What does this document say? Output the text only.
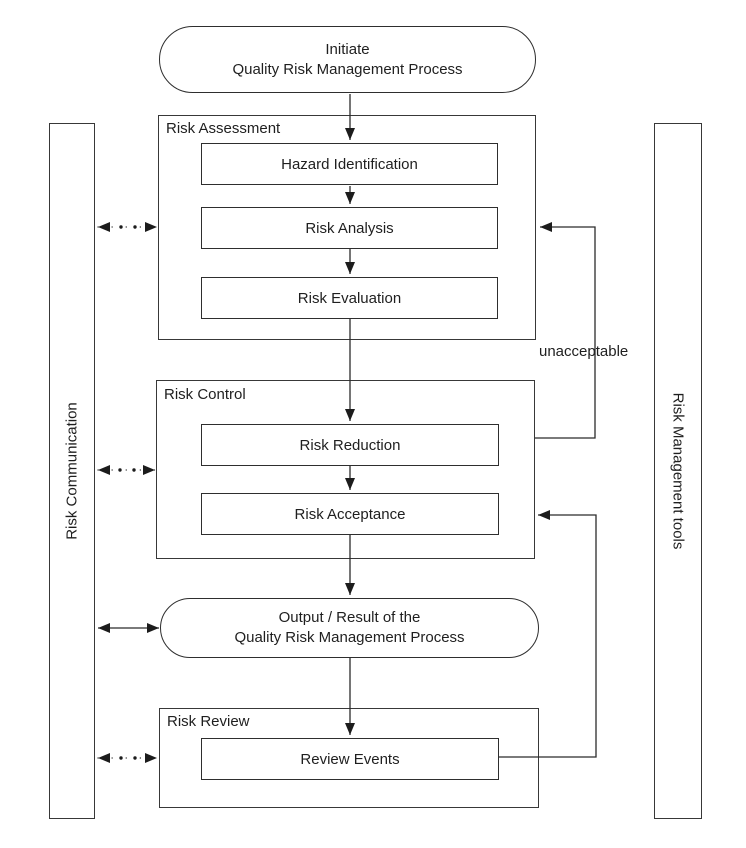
Risk Communication	Risk Management tools
Initiate
Quality Risk Management Process
Risk Assessment
Hazard Identification
Risk Analysis
Risk Evaluation
unacceptable
Risk Control
Risk Reduction
Risk Acceptance
Output / Result of the
Quality Risk Management Process
Risk Review
Review Events
